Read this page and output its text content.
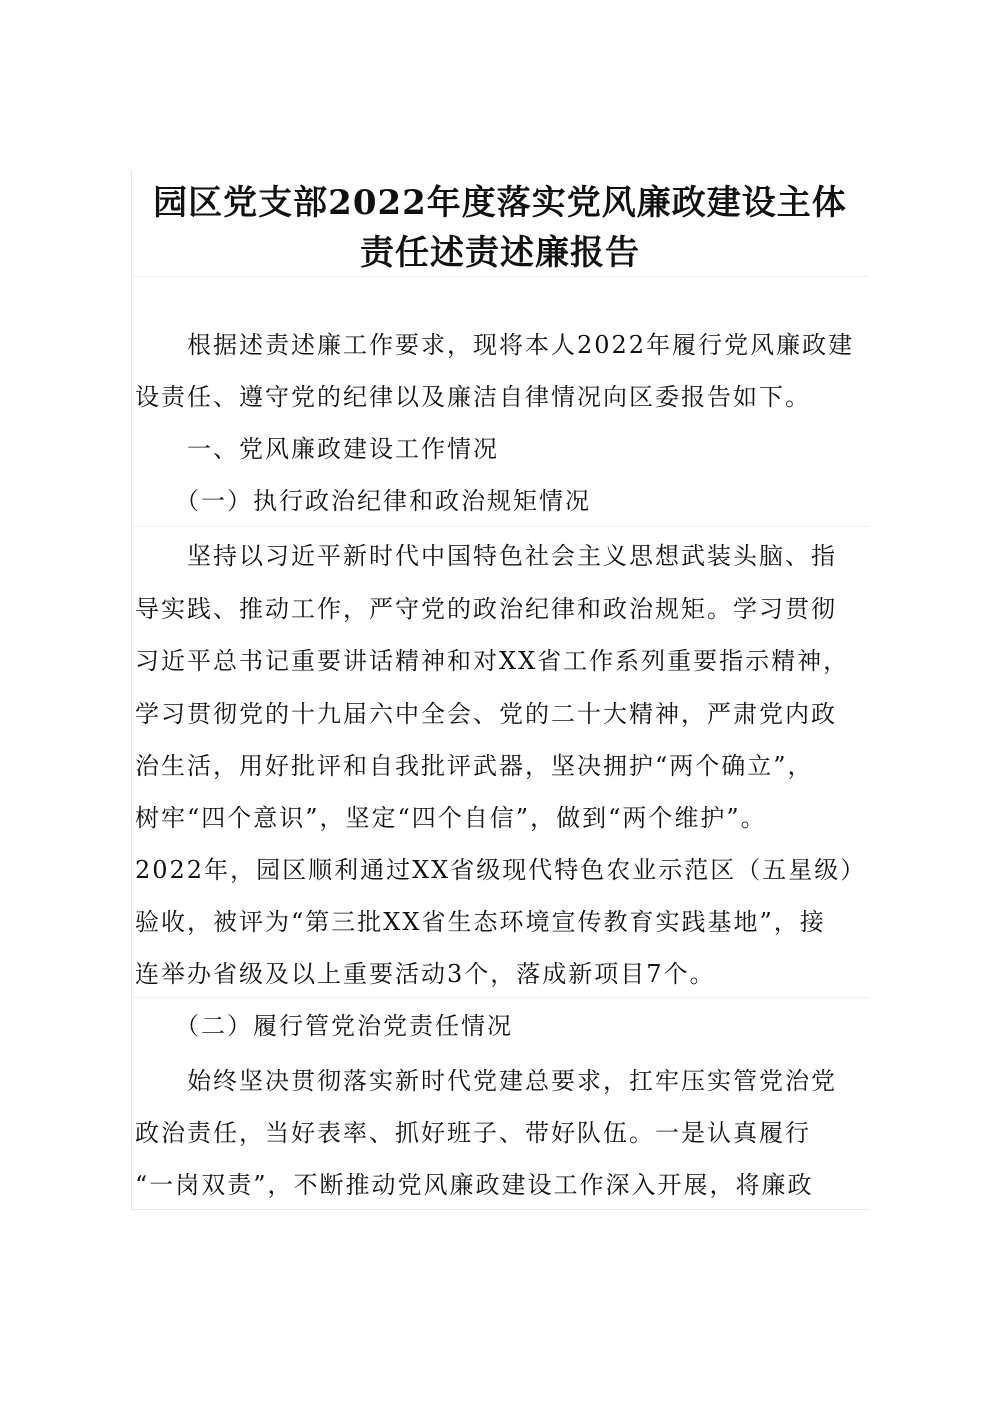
园区党支部2022年度落实党风廉政建设主体
责任述责述廉报告
　　根据述责述廉工作要求，现将本人2022年履行党风廉政建
设责任、遵守党的纪律以及廉洁自律情况向区委报告如下。
　　一、党风廉政建设工作情况
　　（一）执行政治纪律和政治规矩情况
　　坚持以习近平新时代中国特色社会主义思想武装头脑、指
导实践、推动工作，严守党的政治纪律和政治规矩。学习贯彻
习近平总书记重要讲话精神和对XX省工作系列重要指示精神，
学习贯彻党的十九届六中全会、党的二十大精神，严肃党内政
治生活，用好批评和自我批评武器，坚决拥护“两个确立”，
树牢“四个意识”，坚定“四个自信”，做到“两个维护”。
2022年，园区顺利通过XX省级现代特色农业示范区（五星级）
验收，被评为“第三批XX省生态环境宣传教育实践基地”，接
连举办省级及以上重要活动3个，落成新项目7个。
　　（二）履行管党治党责任情况
　　始终坚决贯彻落实新时代党建总要求，扛牢压实管党治党
政治责任，当好表率、抓好班子、带好队伍。一是认真履行
“一岗双责”，不断推动党风廉政建设工作深入开展，将廉政
